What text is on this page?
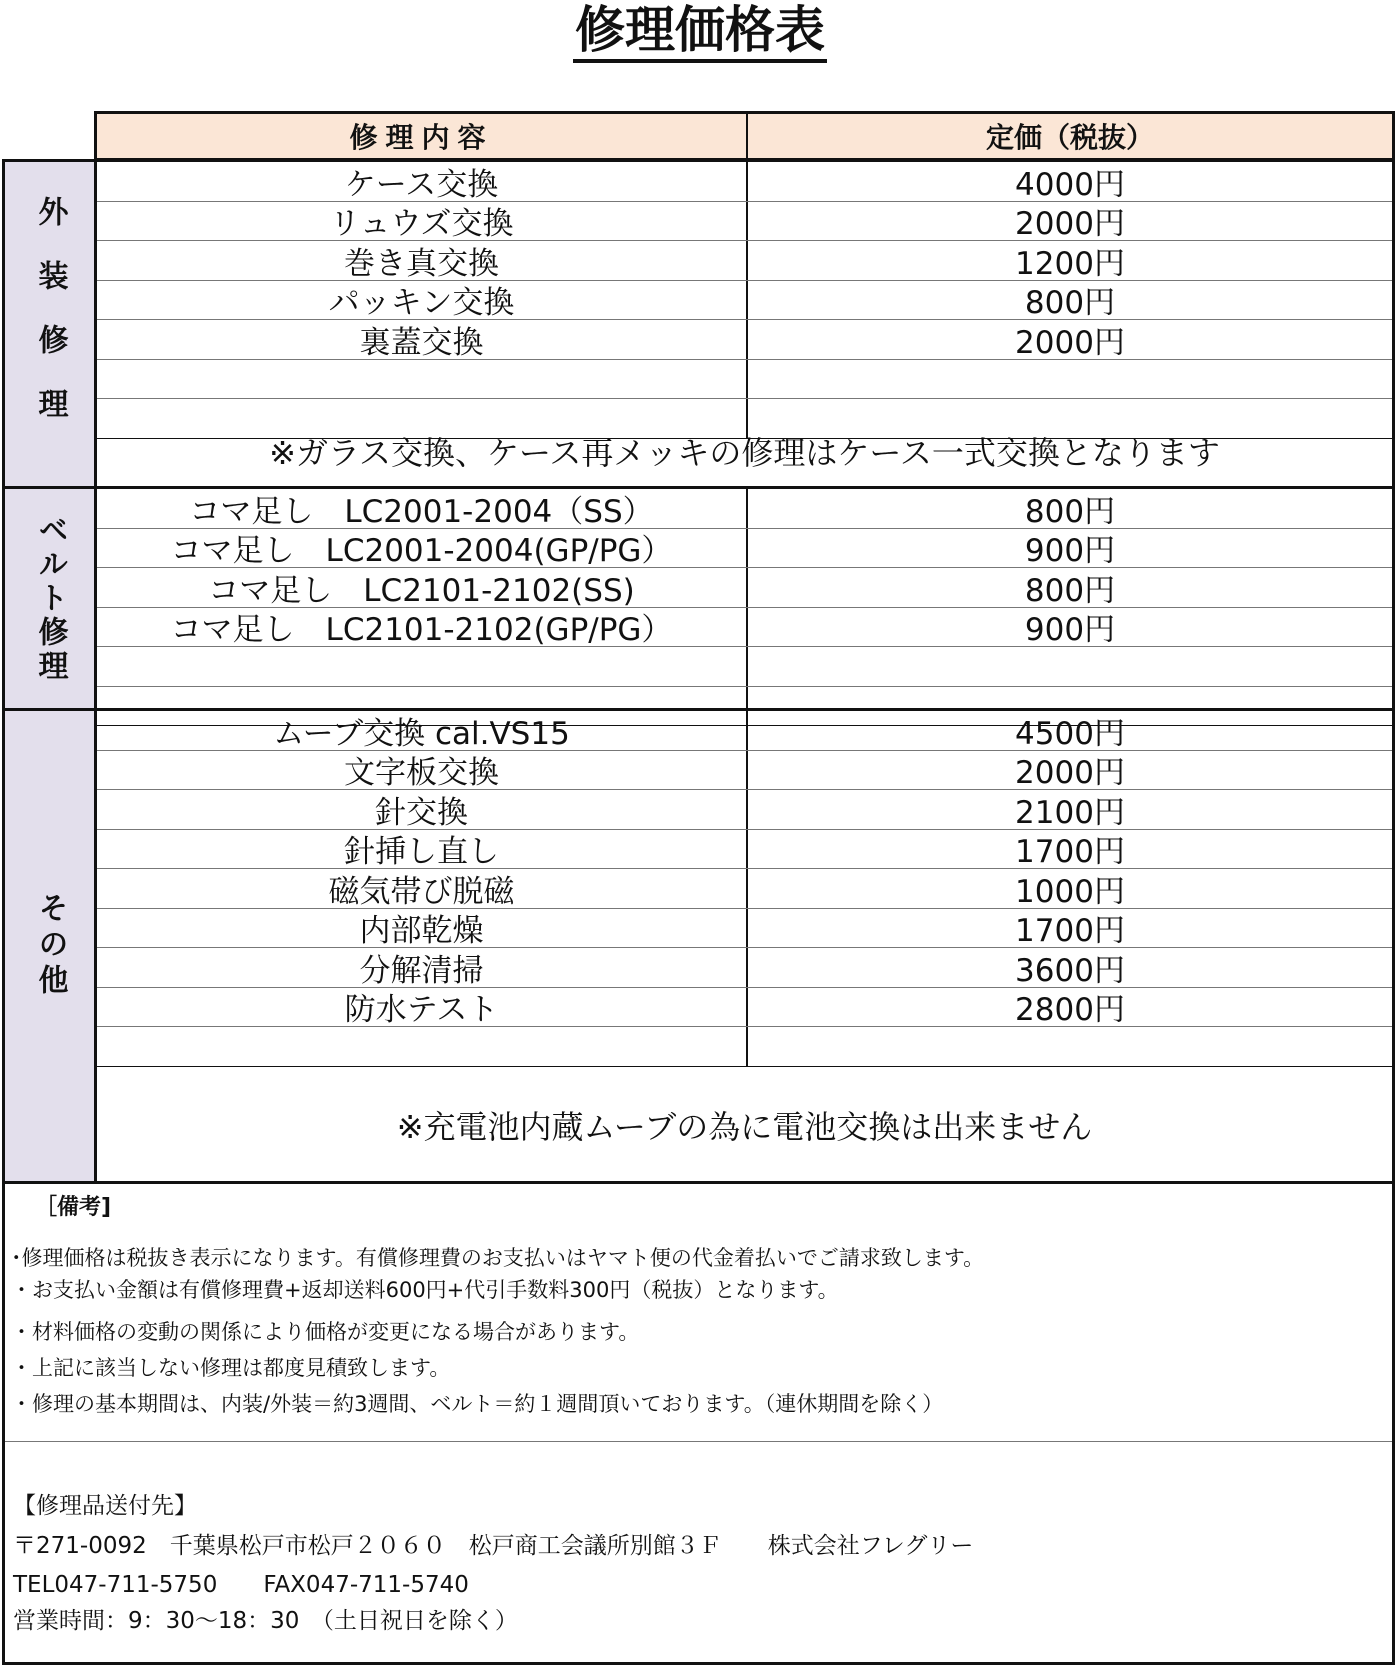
修理価格表
修理内容	定価（税抜）
外装修理
ケース交換	4000円
リュウズ交換	2000円
巻き真交換	1200円
パッキン交換	800円
裏蓋交換	2000円
※ガラス交換、ケース再メッキの修理はケース一式交換となります
ベルト修理
コマ足し　LC2001-2004（SS）	800円
コマ足し　LC2001-2004(GP/PG）	900円
コマ足し　LC2101-2102(SS)	800円
コマ足し　LC2101-2102(GP/PG）	900円
その他
ムーブ交換 cal.VS15	4500円
文字板交換	2000円
針交換	2100円
針挿し直し	1700円
磁気帯び脱磁	1000円
内部乾燥	1700円
分解清掃	3600円
防水テスト	2800円
※充電池内蔵ムーブの為に電池交換は出来ません
［備考]
･修理価格は税抜き表示になります。有償修理費のお支払いはヤマト便の代金着払いでご請求致します。
・お支払い金額は有償修理費+返却送料600円+代引手数料300円（税抜）となります。
・材料価格の変動の関係により価格が変更になる場合があります。
・上記に該当しない修理は都度見積致します。
・修理の基本期間は、内装/外装＝約3週間、ベルト＝約１週間頂いております。（連休期間を除く）
【修理品送付先】
〒271-0092　千葉県松戸市松戸２０６０　松戸商工会議所別館３Ｆ　　株式会社フレグリー
TEL047-711-5750　　FAX047-711-5740
営業時間：9：30～18：30　（土日祝日を除く）
